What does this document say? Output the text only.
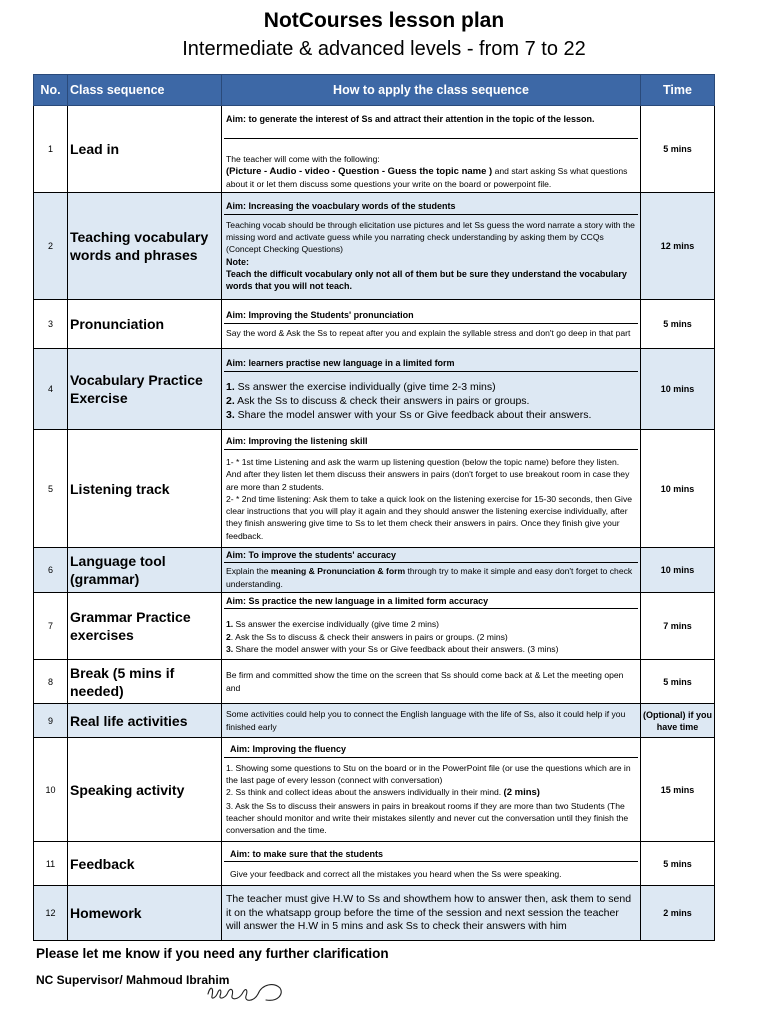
NotCourses lesson plan
Intermediate & advanced levels - from 7 to 22
No.	Class sequence	How to apply the class sequence	Time
1	Lead in	Aim: to generate the interest of Ss and attract their attention in the topic of the lesson.
The teacher will come with the following:
(Picture - Audio - video - Question - Guess the topic name ) and start asking Ss what questions about it or let them discuss some questions your write on the board or powerpoint file.	5 mins
2	Teaching vocabulary words and phrases	Aim: Increasing the voacbulary words of the students
Teaching vocab should be through elicitation use pictures and let Ss guess the word narrate a story with the missing word and activate guess while you narrating check understanding by asking them by CCQs (Concept Checking Questions)
Note:
Teach the difficult vocabulary only not all of them but be sure they understand the vocabulary words that you will not teach.	12 mins
3	Pronunciation	Aim: Improving the Students' pronunciation
Say the word & Ask the Ss to repeat after you and explain the syllable stress and don't go deep in that part	5 mins
4	Vocabulary Practice Exercise	Aim: learners practise new language in a limited form
1. Ss answer the exercise individually (give time 2-3 mins)
2. Ask the Ss to discuss & check their answers in pairs or groups.
3. Share the model answer with your Ss or Give feedback about their answers.	10 mins
5	Listening track	Aim: Improving the listening skill
1- * 1st time Listening and ask the warm up listening question (below the topic name) before they listen. And after they listen let them discuss their answers in pairs (don't forget to use breakout room in case they are more than 2 students.
2- * 2nd time listening: Ask them to take a quick look on the listening exercise for 15-30 seconds, then Give clear instructions that you will play it again and they should answer the listening exercise individually, after they finish answering give time to Ss to let them check their answers in pairs. Once they finish give your feedback.	10 mins
6	Language tool (grammar)	Aim: To improve the students' accuracy
Explain the meaning & Pronunciation & form through try to make it simple and easy don't forget to check understanding.	10 mins
7	Grammar Practice exercises	Aim: Ss practice the new language in a limited form accuracy
1. Ss answer the exercise individually (give time 2 mins)
2. Ask the Ss to discuss & check their answers in pairs or groups. (2 mins)
3. Share the model answer with your Ss or Give feedback about their answers. (3 mins)	7 mins
8	Break (5 mins if needed)	Be firm and committed show the time on the screen that Ss should come back at & Let the meeting open and	5 mins
9	Real life activities	Some activities could help you to connect the English language with the life of Ss, also it could help if you finished early	(Optional) if you have time
10	Speaking activity	Aim: Improving the fluency
1. Showing some questions to Stu on the board or in the PowerPoint file (or use the questions which are in the last page of every lesson (connect with conversation)
2. Ss think and collect ideas about the answers individually in their mind. (2 mins)
3. Ask the Ss to discuss their answers in pairs in breakout rooms if they are more than two Students (The teacher should monitor and write their mistakes silently and never cut the conversation until they finish the conversation and the time.	15 mins
11	Feedback	Aim: to make sure that the students
Give your feedback and correct all the mistakes you heard when the Ss were speaking.	5 mins
12	Homework	The teacher must give H.W to Ss and showthem how to answer then, ask them to send it on the whatsapp group before the time of the session and next session the teacher will answer the H.W in 5 mins and ask Ss to check their answers with him	2 mins
Please let me know if you need any further clarification
NC Supervisor/ Mahmoud Ibrahim
